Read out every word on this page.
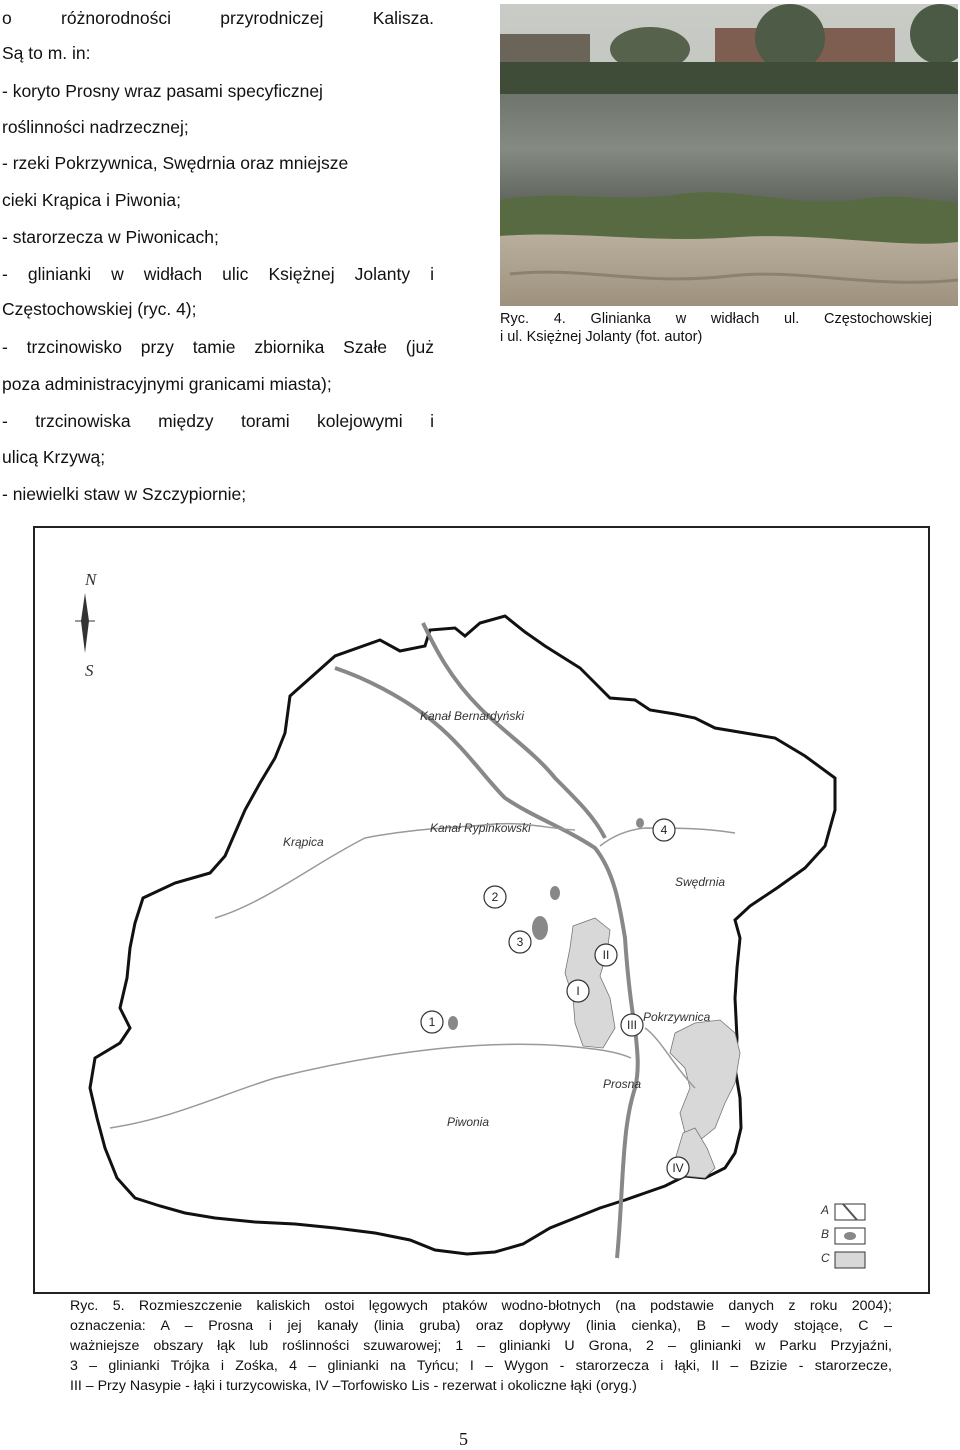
o różnorodności przyrodniczej Kalisza.
Są to m. in:
- koryto Prosny wraz pasami specyficznej
roślinności nadrzecznej;
- rzeki Pokrzywnica, Swędrnia oraz mniejsze
cieki Krąpica i Piwonia;
- starorzecza w Piwonicach;
- glinianki w widłach ulic Księżnej Jolanty i
Częstochowskiej (ryc. 4);
- trzcinowisko przy tamie zbiornika Szałe (już
poza administracyjnymi granicami miasta);
- trzcinowiska między torami kolejowymi i
ulicą Krzywą;
- niewielki staw w Szczypiornie;
Ryc. 4. Glinianka w widłach ul. Częstochowskiej
i ul. Księżnej Jolanty (fot. autor)
N
S
Kanał Bernardyński
Kanał Rypinkowski
Krąpica
Swędrnia
Pokrzywnica
Prosna
Piwonia
1
2
3
4
I
II
III
IV
A
B
C
Ryc. 5. Rozmieszczenie kaliskich ostoi lęgowych ptaków wodno-błotnych (na podstawie danych z roku 2004);
oznaczenia: A – Prosna i jej kanały (linia gruba) oraz dopływy (linia cienka), B – wody stojące, C –
ważniejsze obszary łąk lub roślinności szuwarowej; 1 – glinianki U Grona, 2 – glinianki w Parku Przyjaźni,
3 – glinianki Trójka i Zośka, 4 – glinianki na Tyńcu; I – Wygon - starorzecza i łąki, II – Bzizie - starorzecze,
III – Przy Nasypie - łąki i turzycowiska, IV –Torfowisko Lis - rezerwat i okoliczne łąki (oryg.)
5
